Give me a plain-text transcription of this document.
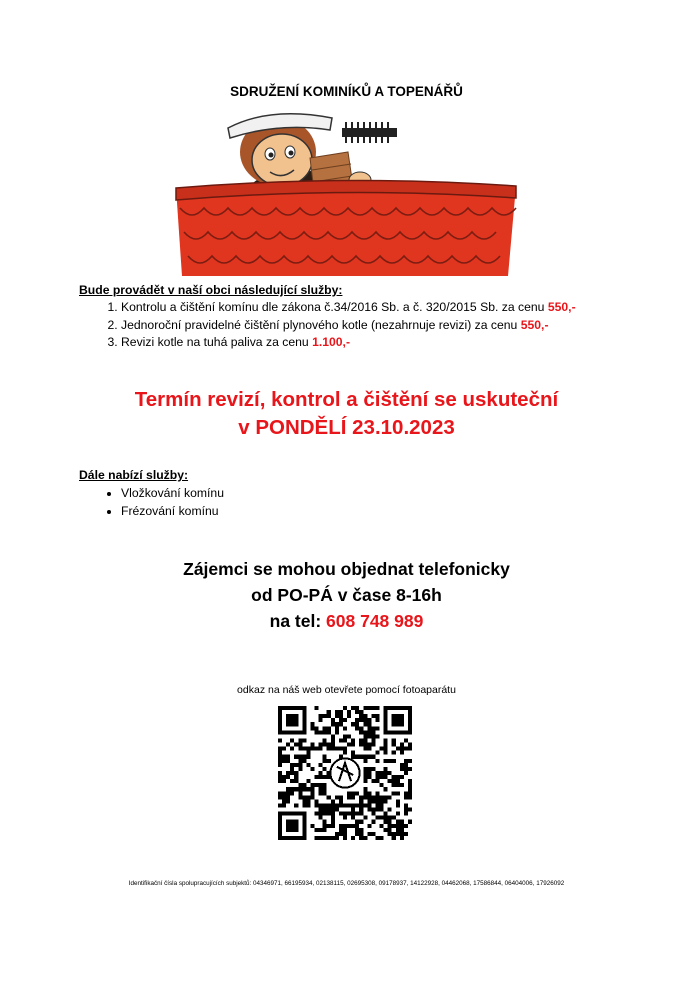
SDRUŽENÍ KOMINÍKŮ A TOPENÁŘŮ
Bude provádět v naší obci následující služby:
1. Kontrolu a čištění komínu dle zákona č.34/2016 Sb. a č. 320/2015 Sb. za cenu 550,-
2. Jednoroční pravidelné čištění plynového kotle (nezahrnuje revizi) za cenu 550,-
3. Revizi kotle na tuhá paliva za cenu 1.100,-
Termín revizí, kontrol a čištění se uskuteční
v PONDĚLÍ 23.10.2023
Dále nabízí služby:
• Vložkování komínu
• Frézování komínu
Zájemci se mohou objednat telefonicky
od PO-PÁ v čase 8-16h
na tel: 608 748 989
odkaz na náš web otevřete pomocí fotoaparátu
Identifikační čísla spolupracujících subjektů: 04346971, 66195934, 02138115, 02695308, 09178937, 14122928, 04462068, 17586844, 06404006, 17926092
